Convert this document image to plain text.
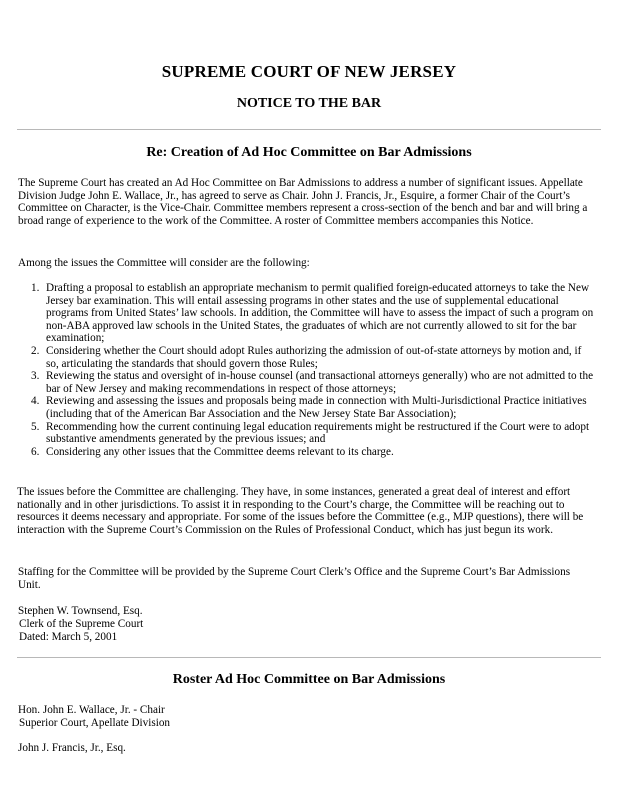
SUPREME COURT OF NEW JERSEY
NOTICE TO THE BAR
Re: Creation of Ad Hoc Committee on Bar Admissions

The Supreme Court has created an Ad Hoc Committee on Bar Admissions to address a number of significant issues. Appellate Division Judge John E. Wallace, Jr., has agreed to serve as Chair. John J. Francis, Jr., Esquire, a former Chair of the Court’s Committee on Character, is the Vice-Chair. Committee members represent a cross-section of the bench and bar and will bring a broad range of experience to the work of the Committee. A roster of Committee members accompanies this Notice.

Among the issues the Committee will consider are the following:

1. Drafting a proposal to establish an appropriate mechanism to permit qualified foreign-educated attorneys to take the New Jersey bar examination. This will entail assessing programs in other states and the use of supplemental educational programs from United States’ law schools. In addition, the Committee will have to assess the impact of such a program on non-ABA approved law schools in the United States, the graduates of which are not currently allowed to sit for the bar examination;
2. Considering whether the Court should adopt Rules authorizing the admission of out-of-state attorneys by motion and, if so, articulating the standards that should govern those Rules;
3. Reviewing the status and oversight of in-house counsel (and transactional attorneys generally) who are not admitted to the bar of New Jersey and making recommendations in respect of those attorneys;
4. Reviewing and assessing the issues and proposals being made in connection with Multi-Jurisdictional Practice initiatives (including that of the American Bar Association and the New Jersey State Bar Association);
5. Recommending how the current continuing legal education requirements might be restructured if the Court were to adopt substantive amendments generated by the previous issues; and
6. Considering any other issues that the Committee deems relevant to its charge.

The issues before the Committee are challenging. They have, in some instances, generated a great deal of interest and effort nationally and in other jurisdictions. To assist it in responding to the Court’s charge, the Committee will be reaching out to resources it deems necessary and appropriate. For some of the issues before the Committee (e.g., MJP questions), there will be interaction with the Supreme Court’s Commission on the Rules of Professional Conduct, which has just begun its work.

Staffing for the Committee will be provided by the Supreme Court Clerk’s Office and the Supreme Court’s Bar Admissions Unit.

Stephen W. Townsend, Esq.
Clerk of the Supreme Court
Dated: March 5, 2001
Roster Ad Hoc Committee on Bar Admissions
Hon. John E. Wallace, Jr. - Chair
Superior Court, Apellate Division
John J. Francis, Jr., Esq.
